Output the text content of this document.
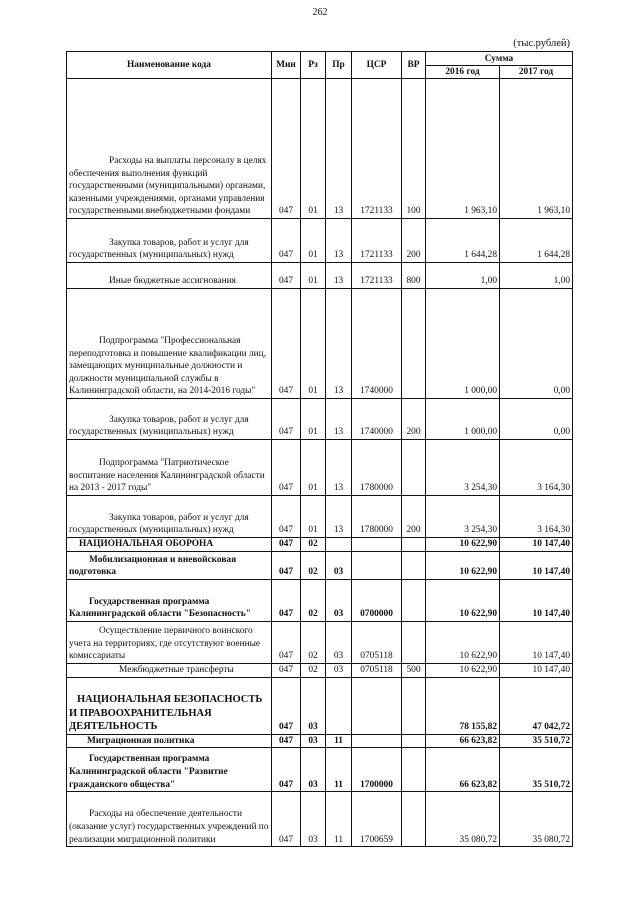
262
(тыс.рублей)
Наименование кода	Мин	Рз	Пр	ЦСР	ВР	Сумма	
						2016 год	2017 год

Расходы на выплаты персоналу в целях обеспечения выполнения функций государственными (муниципальными) органами, казенными учреждениями, органами управления государственными внебюджетными фондами	047	01	13	1721133	100	1 963,10	1 963,10

Закупка товаров, работ и услуг для государственных (муниципальных) нужд	047	01	13	1721133	200	1 644,28	1 644,28

Иные бюджетные ассигнования	047	01	13	1721133	800	1,00	1,00

Подпрограмма "Профессиональная переподготовка и повышение квалификации лиц, замещающих муниципальные должности и должности муниципальной службы в Калининградской области, на 2014-2016 годы"	047	01	13	1740000		1 000,00	0,00

Закупка товаров, работ и услуг для государственных (муниципальных) нужд	047	01	13	1740000	200	1 000,00	0,00

Подпрограмма "Патриотическое воспитание населения Калининградской области на 2013 - 2017 годы"	047	01	13	1780000		3 254,30	3 164,30

Закупка товаров, работ и услуг для государственных (муниципальных) нужд	047	01	13	1780000	200	3 254,30	3 164,30

НАЦИОНАЛЬНАЯ ОБОРОНА	047	02				10 622,90	10 147,40

Мобилизационная и вневойсковая подготовка	047	02	03			10 622,90	10 147,40

Государственная программа Калининградской области "Безопасность"	047	02	03	0700000		10 622,90	10 147,40

Осуществление первичного воинского учета на территориях, где отсутствуют военные комиссариаты	047	02	03	0705118		10 622,90	10 147,40

Межбюджетные трансферты	047	02	03	0705118	500	10 622,90	10 147,40

НАЦИОНАЛЬНАЯ БЕЗОПАСНОСТЬ И ПРАВООХРАНИТЕЛЬНАЯ ДЕЯТЕЛЬНОСТЬ	047	03				78 155,82	47 042,72

Миграционная политика	047	03	11			66 623,82	35 510,72

Государственная программа Калининградской области "Развитие гражданского общества"	047	03	11	1700000		66 623,82	35 510,72

Расходы на обеспечение деятельности (оказание услуг) государственных учреждений по реализации миграционной политики	047	03	11	1700659		35 080,72	35 080,72
